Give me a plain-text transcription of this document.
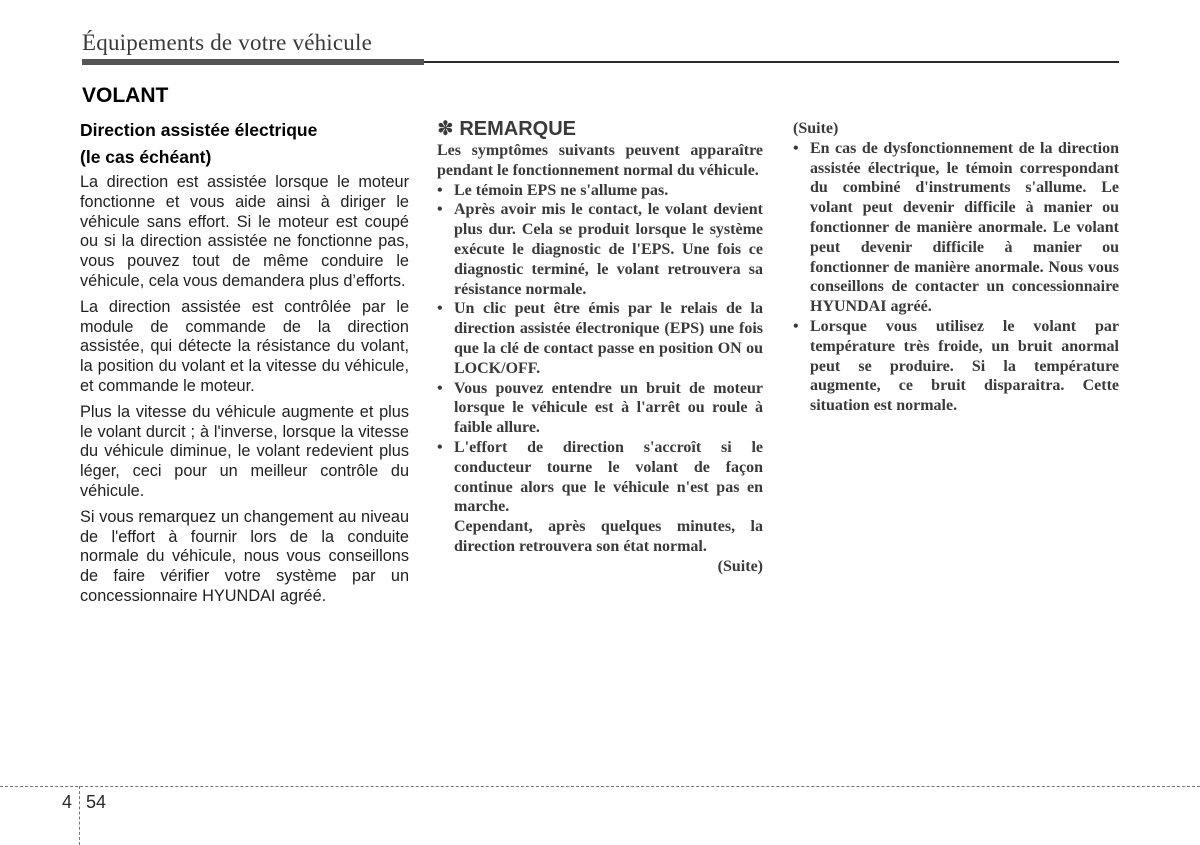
Équipements de votre véhicule
VOLANT
Direction assistée électrique
(le cas échéant)

La direction est assistée lorsque le moteur fonctionne et vous aide ainsi à diriger le véhicule sans effort. Si le moteur est coupé ou si la direction assistée ne fonctionne pas, vous pouvez tout de même conduire le véhicule, cela vous demandera plus d’efforts.

La direction assistée est contrôlée par le module de commande de la direction assistée, qui détecte la résistance du volant, la position du volant et la vitesse du véhicule, et commande le moteur.

Plus la vitesse du véhicule augmente et plus le volant durcit ; à l'inverse, lorsque la vitesse du véhicule diminue, le volant redevient plus léger, ceci pour un meilleur contrôle du véhicule.

Si vous remarquez un changement au niveau de l'effort à fournir lors de la conduite normale du véhicule, nous vous conseillons de faire vérifier votre système par un concessionnaire HYUNDAI agréé.

✽ REMARQUE

Les symptômes suivants peuvent apparaître pendant le fonctionnement normal du véhicule.

• Le témoin EPS ne s'allume pas.
• Après avoir mis le contact, le volant devient plus dur. Cela se produit lorsque le système exécute le diagnostic de l'EPS. Une fois ce diagnostic terminé, le volant retrouvera sa résistance normale.
• Un clic peut être émis par le relais de la direction assistée électronique (EPS) une fois que la clé de contact passe en position ON ou LOCK/OFF.
• Vous pouvez entendre un bruit de moteur lorsque le véhicule est à l'arrêt ou roule à faible allure.
• L'effort de direction s'accroît si le conducteur tourne le volant de façon continue alors que le véhicule n'est pas en marche.

Cependant, après quelques minutes, la direction retrouvera son état normal.

(Suite)

(Suite)

• En cas de dysfonctionnement de la direction assistée électrique, le témoin correspondant du combiné d'instruments s'allume. Le volant peut devenir difficile à manier ou fonctionner de manière anormale. Le volant peut devenir difficile à manier ou fonctionner de manière anormale. Nous vous conseillons de contacter un concessionnaire HYUNDAI agréé.
• Lorsque vous utilisez le volant par température très froide, un bruit anormal peut se produire. Si la température augmente, ce bruit disparaitra. Cette situation est normale.
4 54
